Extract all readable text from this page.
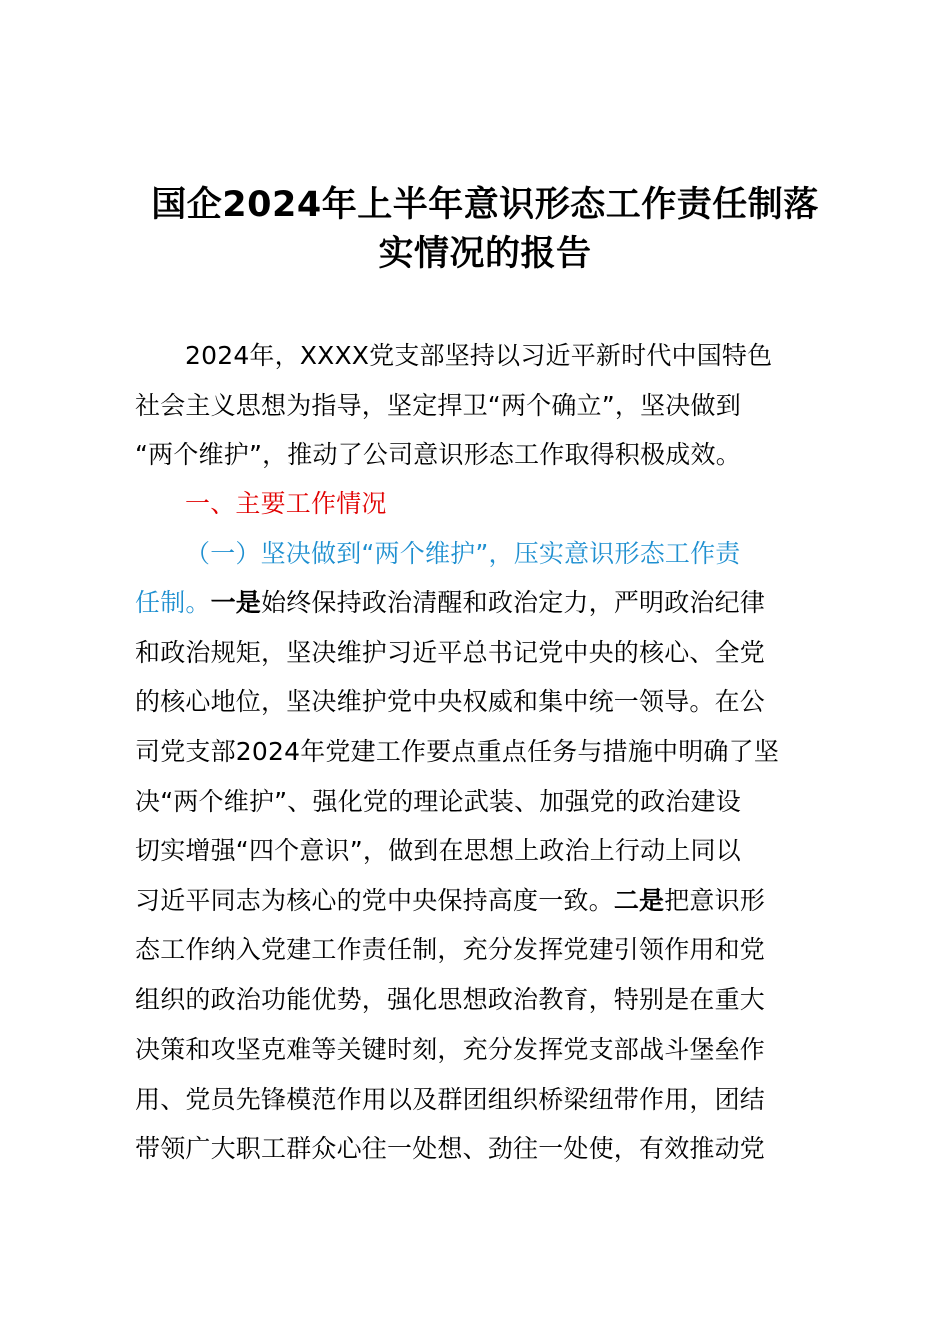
国企2024年上半年意识形态工作责任制落
实情况的报告
2024年，XXXX党支部坚持以习近平新时代中国特色
社会主义思想为指导，坚定捍卫“两个确立”，坚决做到
“两个维护”，推动了公司意识形态工作取得积极成效。
一、主要工作情况
（一）坚决做到“两个维护”，压实意识形态工作责
任制。一是始终保持政治清醒和政治定力，严明政治纪律
和政治规矩，坚决维护习近平总书记党中央的核心、全党
的核心地位，坚决维护党中央权威和集中统一领导。在公
司党支部2024年党建工作要点重点任务与措施中明确了坚
决“两个维护”、强化党的理论武装、加强党的政治建设
切实增强“四个意识”，做到在思想上政治上行动上同以
习近平同志为核心的党中央保持高度一致。二是把意识形
态工作纳入党建工作责任制，充分发挥党建引领作用和党
组织的政治功能优势，强化思想政治教育，特别是在重大
决策和攻坚克难等关键时刻，充分发挥党支部战斗堡垒作
用、党员先锋模范作用以及群团组织桥梁纽带作用，团结
带领广大职工群众心往一处想、劲往一处使，有效推动党
